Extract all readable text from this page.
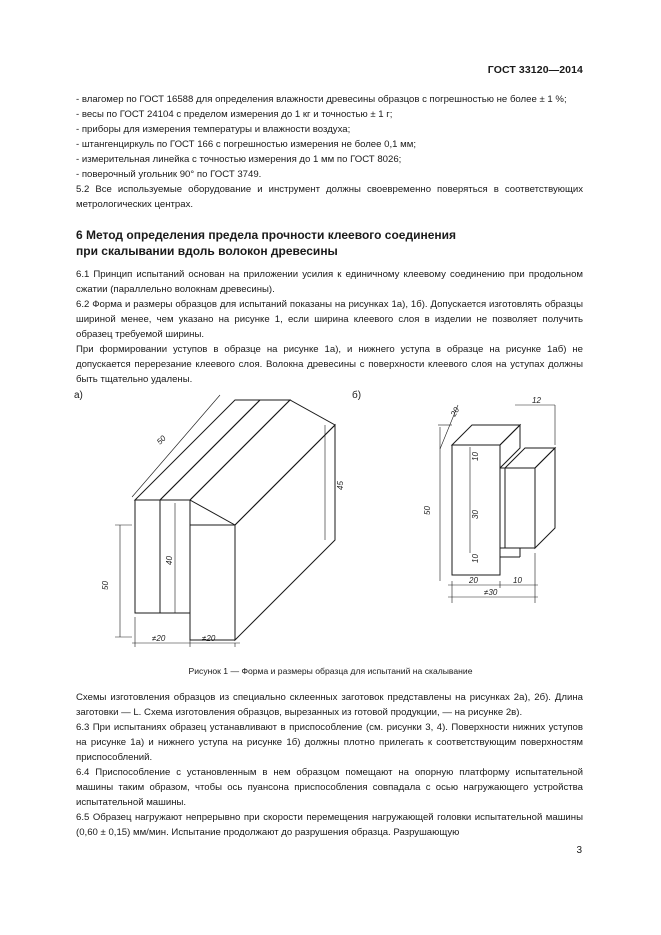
ГОСТ 33120—2014

- влагомер по ГОСТ 16588 для определения влажности древесины образцов с погрешностью не более ± 1 %;

- весы по ГОСТ 24104 с пределом измерения до 1 кг и точностью ± 1 г;

- приборы для измерения температуры и влажности воздуха;

- штангенциркуль по ГОСТ 166 с погрешностью измерения не более 0,1 мм;

- измерительная линейка с точностью измерения до 1 мм по ГОСТ 8026;

- поверочный угольник 90° по ГОСТ 3749.

5.2 Все используемые оборудование и инструмент должны своевременно поверяться в соответствующих метрологических центрах.

6 Метод определения предела прочности клеевого соединения
при скалывании вдоль волокон древесины

6.1 Принцип испытаний основан на приложении усилия к единичному клеевому соединению при продольном сжатии (параллельно волокнам древесины).

6.2 Форма и размеры образцов для испытаний показаны на рисунках 1а), 1б). Допускается изготовлять образцы шириной менее, чем указано на рисунке 1, если ширина клеевого слоя в изделии не позволяет получить образец требуемой ширины.

При формировании уступов в образце на рисунке 1а), и нижнего уступа в образце на рисунке 1аб) не допускается перерезание клеевого слоя. Волокна древесины с поверхности клеевого слоя на уступах должны быть тщательно удалены.

а)
50
50
40
45
≠20	≠20
б)
20
12
50
10
30
10
20	10
≠30
Рисунок 1 — Форма и размеры образца для испытаний на скалывание

Схемы изготовления образцов из специально склеенных заготовок представлены на рисунках 2а), 2б). Длина заготовки — L. Схема изготовления образцов, вырезанных из готовой продукции, — на рисунке 2в).

6.3 При испытаниях образец устанавливают в приспособление (см. рисунки 3, 4). Поверхности нижних уступов на рисунке 1а) и нижнего уступа на рисунке 1б) должны плотно прилегать к соответствующим поверхностям приспособлений.

6.4 Приспособление с установленным в нем образцом помещают на опорную платформу испытательной машины таким образом, чтобы ось пуансона приспособления совпадала с осью нагружающего устройства испытательной машины.

6.5 Образец нагружают непрерывно при скорости перемещения нагружающей головки испытательной машины (0,60 ± 0,15) мм/мин. Испытание продолжают до разрушения образца. Разрушающую

3
